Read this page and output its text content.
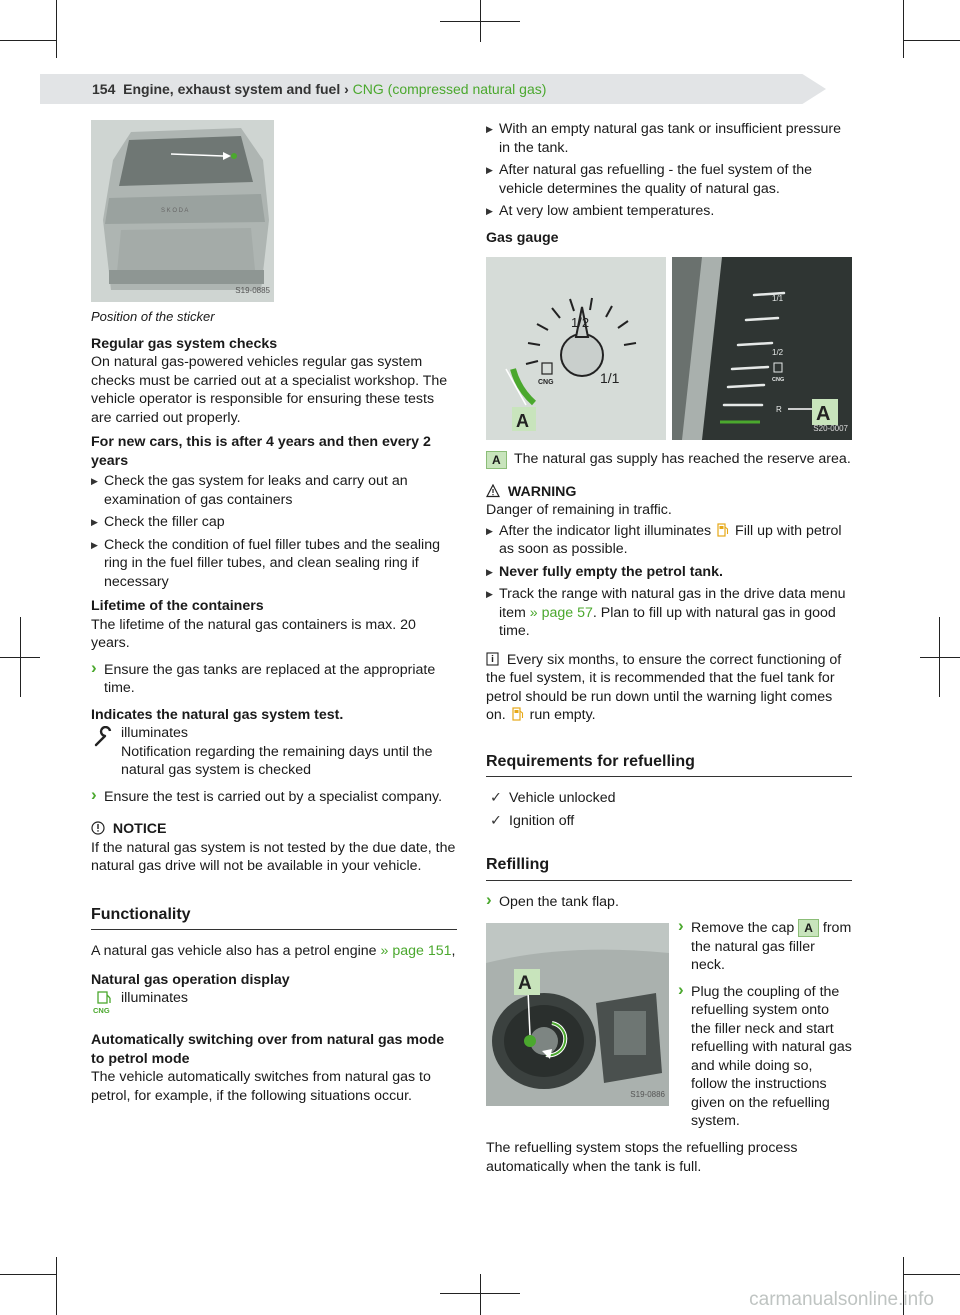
154 Engine, exhaust system and fuel › CNG (compressed natural gas)
S K O D A
S19-0885

Position of the sticker

Regular gas system checks
On natural gas-powered vehicles regular gas system checks must be carried out at a specialist workshop. The vehicle operator is responsible for ensuring these tests are carried out properly.

For new cars, this is after 4 years and then every 2 years

▶ Check the gas system for leaks and carry out an examination of gas containers
▶ Check the filler cap
▶ Check the condition of fuel filler tubes and the sealing ring in the fuel filler tubes, and clean sealing ring if necessary

Lifetime of the containers
The lifetime of the natural gas containers is max. 20 years.

› Ensure the gas tanks are replaced at the appropriate time.

Indicates the natural gas system test.

illuminates
Notification regarding the remaining days until the natural gas system is checked

› Ensure the test is carried out by a specialist company.

NOTICE

If the natural gas system is not tested by the due date, the natural gas drive will not be available in your vehicle.

Functionality

A natural gas vehicle also has a petrol engine » page 151,

Natural gas operation display

CNG
illuminates

Automatically switching over from natural gas mode to petrol mode
The vehicle automatically switches from natural gas to petrol, for example, if the following situations occur.

▶ With an empty natural gas tank or insufficient pressure in the tank.
▶ After natural gas refuelling - the fuel system of the vehicle determines the quality of natural gas.
▶ At very low ambient temperatures.

Gas gauge

1/2
1/1
CNG
A
1/1
1/2
CNG
R A
S20-0007
A The natural gas supply has reached the reserve area.

WARNING

Danger of remaining in traffic.

▶ After the indicator light illuminates Fill up with petrol as soon as possible.
▶ Never fully empty the petrol tank.
▶ Track the range with natural gas in the drive data menu item » page 57. Plan to fill up with natural gas in good time.

Every six months, to ensure the correct functioning of the fuel system, it is recommended that the fuel tank for petrol should be run down until the warning light comes on. run empty.

Requirements for refuelling
✓ Vehicle unlocked
✓ Ignition off
Refilling

› Open the tank flap.

A
S19-0886

› Remove the cap A from the natural gas filler neck.

› Plug the coupling of the refuelling system onto the filler neck and start refuelling with natural gas and while doing so, follow the instructions given on the refuelling system.

The refuelling system stops the refuelling process automatically when the tank is full.

carmanualsonline.info
